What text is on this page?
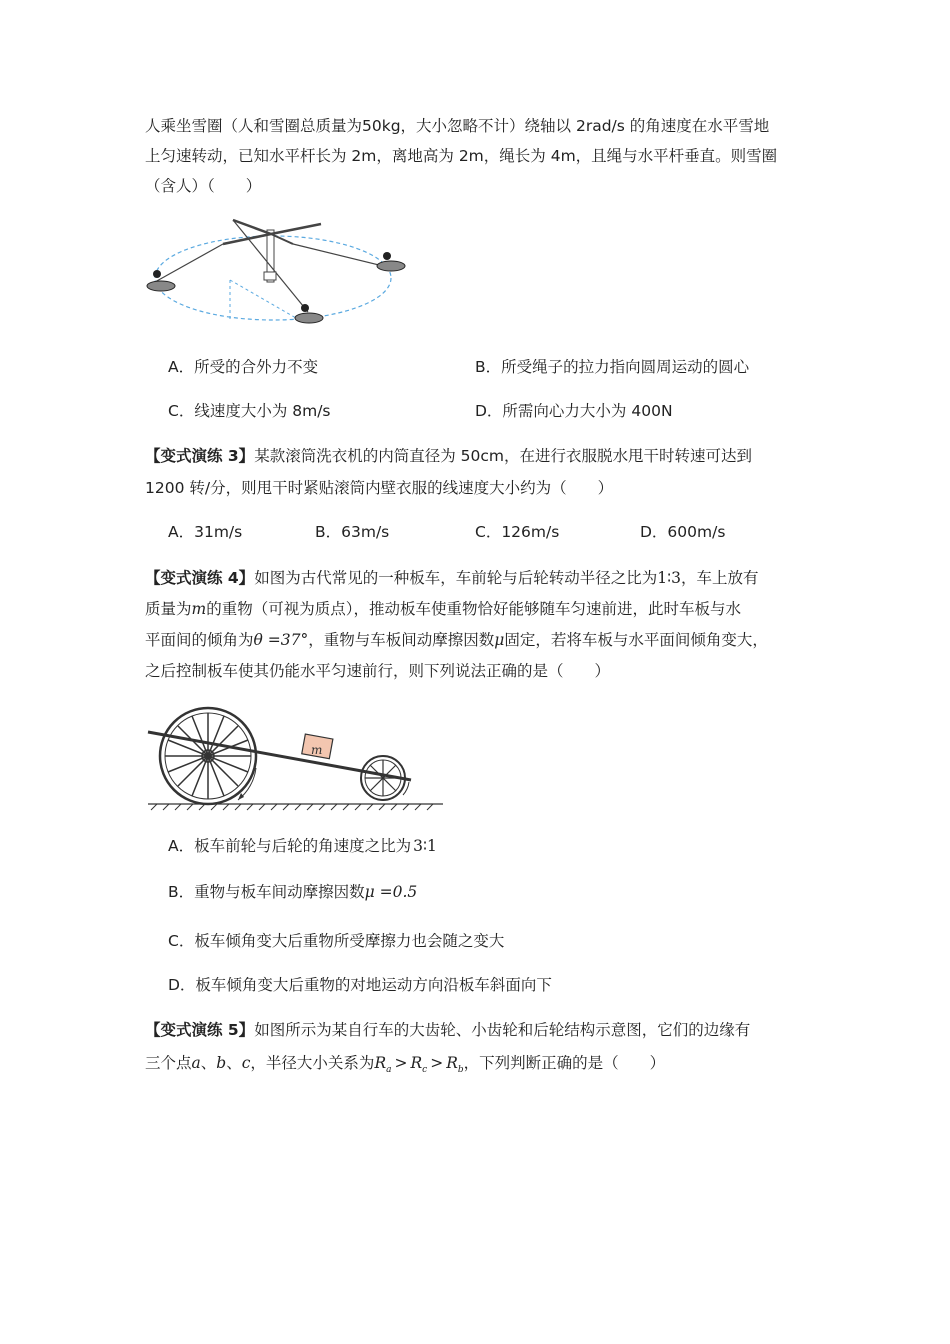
人乘坐雪圈（人和雪圈总质量为50kg，大小忽略不计）绕轴以 2rad/s 的角速度在水平雪地
上匀速转动，已知水平杆长为 2m，离地高为 2m，绳长为 4m，且绳与水平杆垂直。则雪圈
（含人）（　　）
A．所受的合外力不变	B．所受绳子的拉力指向圆周运动的圆心
C．线速度大小为 8m/s	D．所需向心力大小为 400N
【变式演练 3】某款滚筒洗衣机的内筒直径为 50cm，在进行衣服脱水甩干时转速可达到
1200 转/分，则甩干时紧贴滚筒内壁衣服的线速度大小约为（　　）
A．31m/s	B．63m/s	C．126m/s	D．600m/s
【变式演练 4】如图为古代常见的一种板车，车前轮与后轮转动半径之比为1∶3，车上放有
质量为m的重物（可视为质点），推动板车使重物恰好能够随车匀速前进，此时车板与水
平面间的倾角为θ =37°，重物与车板间动摩擦因数μ固定，若将车板与水平面间倾角变大，
之后控制板车使其仍能水平匀速前行，则下列说法正确的是（　　）
m
A．板车前轮与后轮的角速度之比为 3∶1
B．重物与板车间动摩擦因数μ =0.5
C．板车倾角变大后重物所受摩擦力也会随之变大
D．板车倾角变大后重物的对地运动方向沿板车斜面向下
【变式演练 5】如图所示为某自行车的大齿轮、小齿轮和后轮结构示意图，它们的边缘有
三个点a、b、c，半径大小关系为$R_a > R_c > R_b$，下列判断正确的是（　　）
